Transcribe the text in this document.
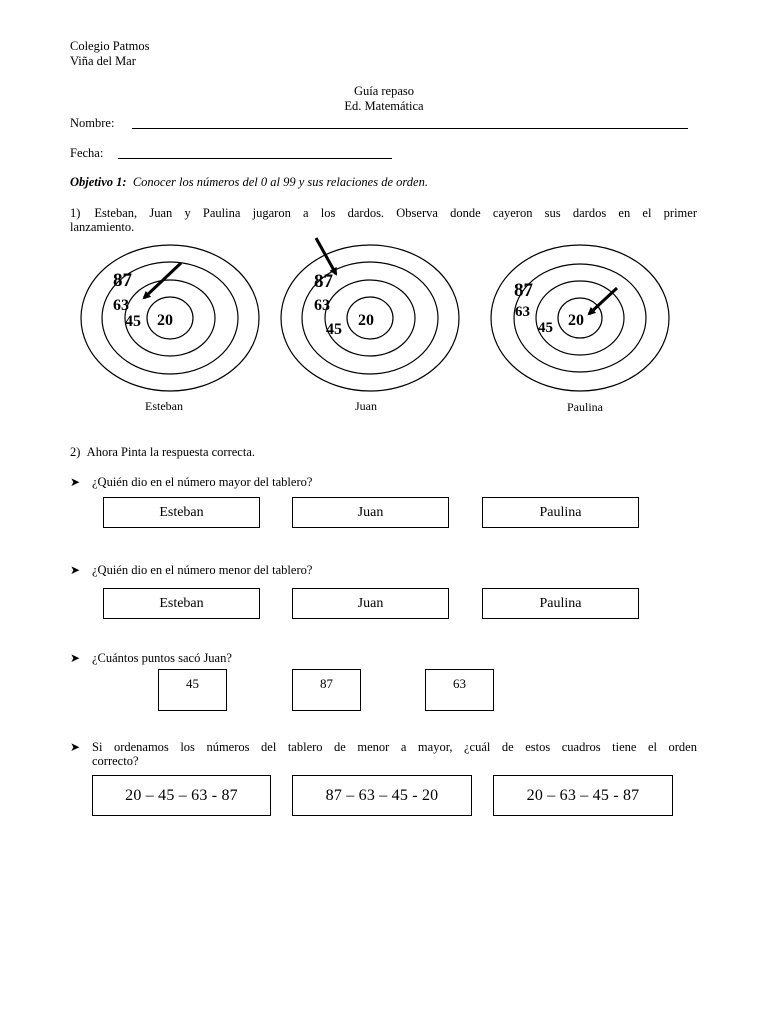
Colegio Patmos
Viña del Mar
Guía repaso
Ed. Matemática
Nombre:
Fecha:
Objetivo 1: Conocer los números del 0 al 99 y sus relaciones de orden.
1) Esteban, Juan y Paulina jugaron a los dardos. Observa donde cayeron sus dardos en el primer
lanzamiento.
87
63
45 20
Esteban
87
63
45
20
Juan
87
63
45 20
Paulina
2) Ahora Pinta la respuesta correcta.
➤ ¿Quién dio en el número mayor del tablero?
Esteban	Juan	Paulina
➤ ¿Quién dio en el número menor del tablero?
Esteban	Juan	Paulina
➤ ¿Cuántos puntos sacó Juan?
45	87	63
➤ Si ordenamos los números del tablero de menor a mayor, ¿cuál de estos cuadros tiene el orden
correcto?
20 – 45 – 63 - 87	87 – 63 – 45 - 20	20 – 63 – 45 - 87
